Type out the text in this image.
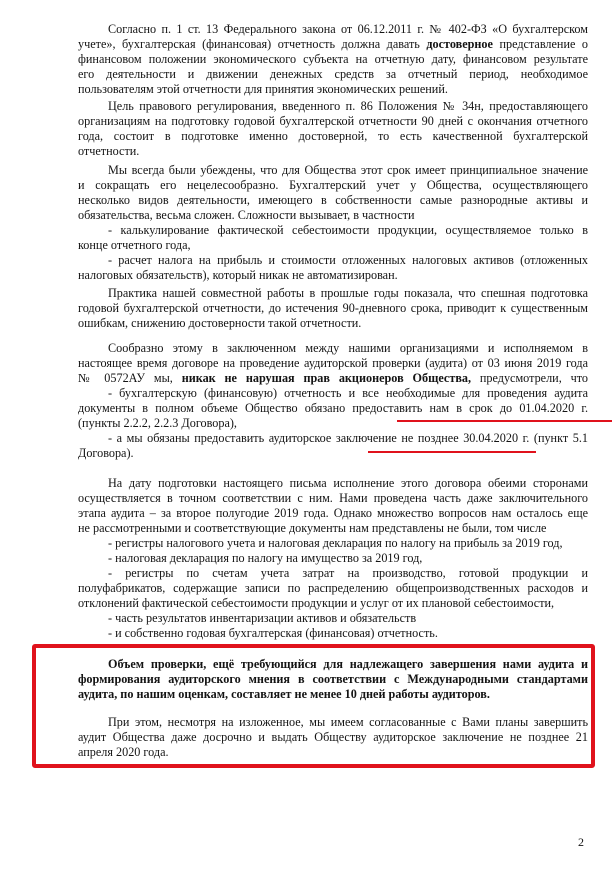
Согласно п. 1 ст. 13 Федерального закона от 06.12.2011 г. № 402-ФЗ «О бухгалтерском
учете», бухгалтерская (финансовая) отчетность должна давать достоверное представление о
финансовом положении экономического субъекта на отчетную дату, финансовом результате
его деятельности и движении денежных средств за отчетный период, необходимое
пользователям этой отчетности для принятия экономических решений.
Цель правового регулирования, введенного п. 86 Положения № 34н, предоставляющего
организациям на подготовку годовой бухгалтерской отчетности 90 дней с окончания отчетного
года, состоит в подготовке именно достоверной, то есть качественной бухгалтерской
отчетности.
Мы всегда были убеждены, что для Общества этот срок имеет принципиальное значение
и сокращать его нецелесообразно. Бухгалтерский учет у Общества, осуществляющего
несколько видов деятельности, имеющего в собственности самые разнородные активы и
обязательства, весьма сложен. Сложности вызывает, в частности
- калькулирование фактической себестоимости продукции, осуществляемое только в
конце отчетного года,
- расчет налога на прибыль и стоимости отложенных налоговых активов (отложенных
налоговых обязательств), который никак не автоматизирован.
Практика нашей совместной работы в прошлые годы показала, что спешная подготовка
годовой бухгалтерской отчетности, до истечения 90-дневного срока, приводит к существенным
ошибкам, снижению достоверности такой отчетности.
Сообразно этому в заключенном между нашими организациями и исполняемом в
настоящее время договоре на проведение аудиторской проверки (аудита) от 03 июня 2019 года
№ 0572АУ мы, никак не нарушая прав акционеров Общества, предусмотрели, что
- бухгалтерскую (финансовую) отчетность и все необходимые для проведения аудита
документы в полном объеме Общество обязано предоставить нам в срок до 01.04.2020 г.
(пункты 2.2.2, 2.2.3 Договора),
- а мы обязаны предоставить аудиторское заключение не позднее 30.04.2020 г. (пункт 5.1
Договора).
На дату подготовки настоящего письма исполнение этого договора обеими сторонами
осуществляется в точном соответствии с ним. Нами проведена часть даже заключительного
этапа аудита – за второе полугодие 2019 года. Однако множество вопросов нам осталось еще
не рассмотренными и соответствующие документы нам представлены не были, том числе
- регистры налогового учета и налоговая декларация по налогу на прибыль за 2019 год,
- налоговая декларация по налогу на имущество за 2019 год,
- регистры по счетам учета затрат на производство, готовой продукции и
полуфабрикатов, содержащие записи по распределению общепроизводственных расходов и
отклонений фактической себестоимости продукции и услуг от их плановой себестоимости,
- часть результатов инвентаризации активов и обязательств
- и собственно годовая бухгалтерская (финансовая) отчетность.
Объем проверки, ещё требующийся для надлежащего завершения нами аудита и
формирования аудиторского мнения в соответствии с Международными стандартами
аудита, по нашим оценкам, составляет не менее 10 дней работы аудиторов.
При этом, несмотря на изложенное, мы имеем согласованные с Вами планы завершить
аудит Общества даже досрочно и выдать Обществу аудиторское заключение не позднее 21
апреля 2020 года.
2
